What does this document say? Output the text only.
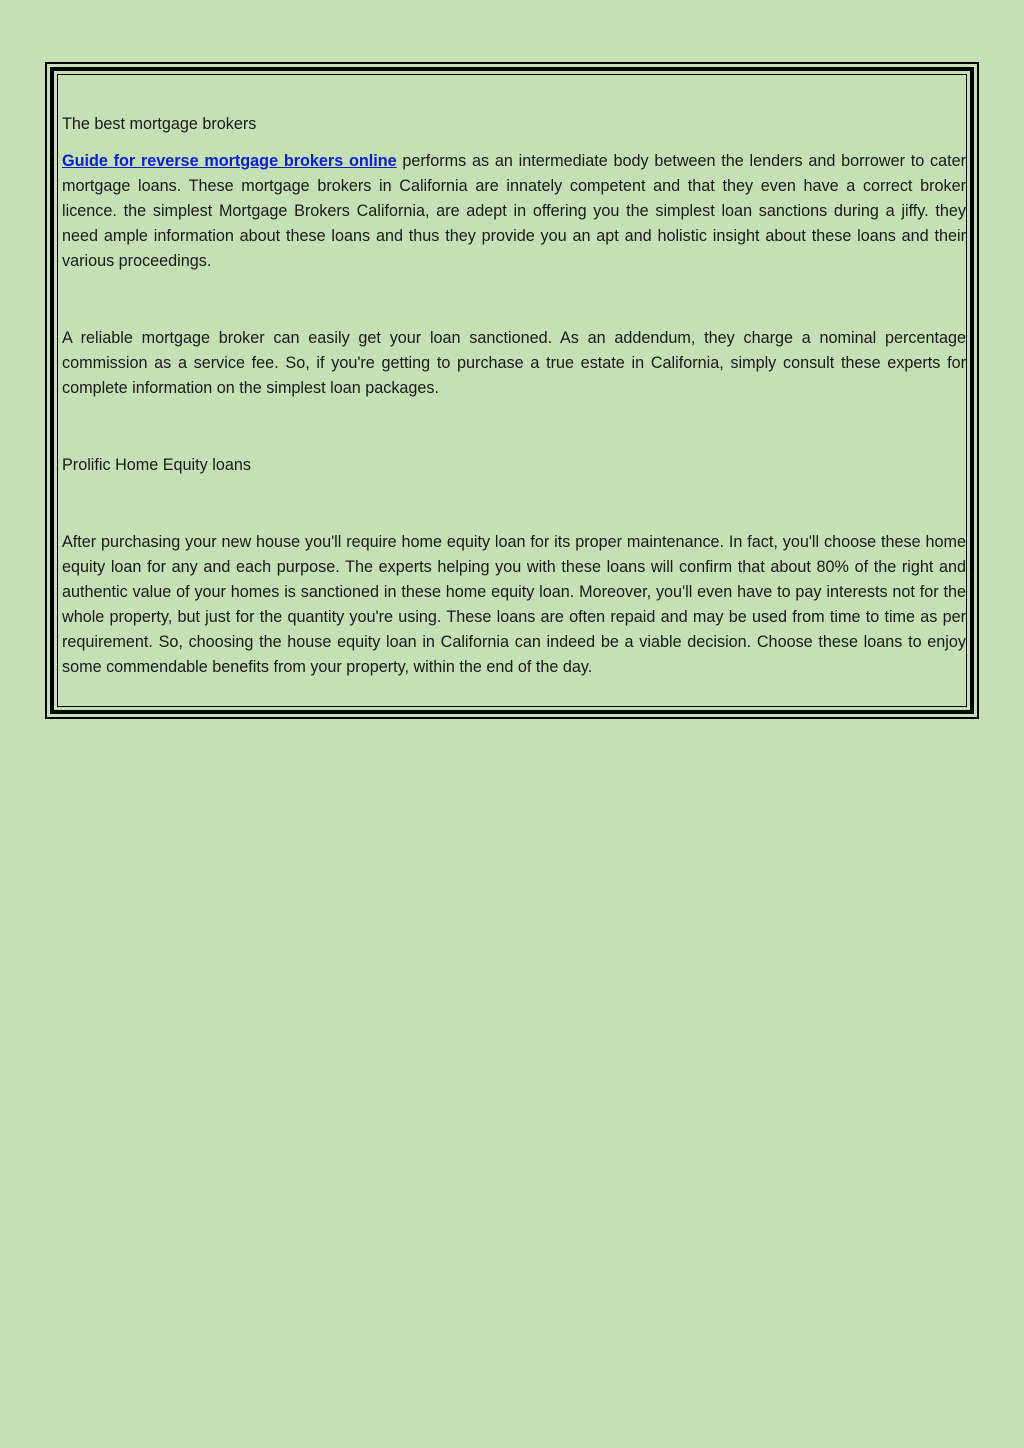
The best mortgage brokers

Guide for reverse mortgage brokers online performs as an intermediate body between the lenders and borrower to cater mortgage loans. These mortgage brokers in California are innately competent and that they even have a correct broker licence. the simplest Mortgage Brokers California, are adept in offering you the simplest loan sanctions during a jiffy. they need ample information about these loans and thus they provide you an apt and holistic insight about these loans and their various proceedings.

A reliable mortgage broker can easily get your loan sanctioned. As an addendum, they charge a nominal percentage commission as a service fee. So, if you're getting to purchase a true estate in California, simply consult these experts for complete information on the simplest loan packages.

Prolific Home Equity loans

After purchasing your new house you'll require home equity loan for its proper maintenance. In fact, you'll choose these home equity loan for any and each purpose. The experts helping you with these loans will confirm that about 80% of the right and authentic value of your homes is sanctioned in these home equity loan. Moreover, you'll even have to pay interests not for the whole property, but just for the quantity you're using. These loans are often repaid and may be used from time to time as per requirement. So, choosing the house equity loan in California can indeed be a viable decision. Choose these loans to enjoy some commendable benefits from your property, within the end of the day.
